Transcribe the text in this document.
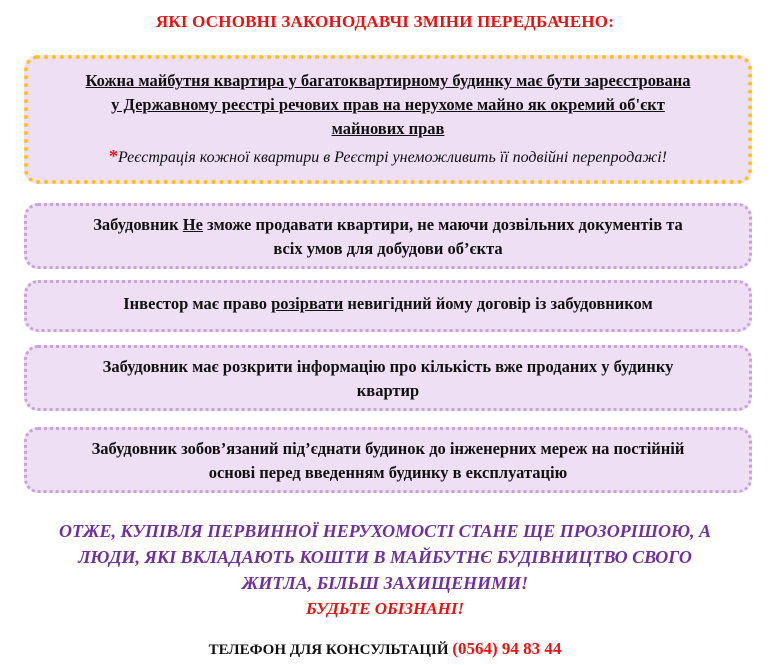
ЯКІ ОСНОВНІ ЗАКОНОДАВЧІ ЗМІНИ ПЕРЕДБАЧЕНО:
Кожна майбутня квартира у багатоквартирному будинку має бути зареєстрована
у Державному реєстрі речових прав на нерухоме майно як окремий об'єкт
майнових прав
*Реєстрація кожної квартири в Реєстрі унеможливить її подвійні перепродажі!
Забудовник Не зможе продавати квартири, не маючи дозвільних документів та
всіх умов для добудови об’єкта
Інвестор має право розірвати невигідний йому договір із забудовником
Забудовник має розкрити інформацію про кількість вже проданих у будинку
квартир
Забудовник зобов’язаний під’єднати будинок до інженерних мереж на постійній
основі перед введенням будинку в експлуатацію
ОТЖЕ, КУПІВЛЯ ПЕРВИННОЇ НЕРУХОМОСТІ СТАНЕ ЩЕ ПРОЗОРІШОЮ, А
ЛЮДИ, ЯКІ ВКЛАДАЮТЬ КОШТИ В МАЙБУТНЄ БУДІВНИЦТВО СВОГО
ЖИТЛА, БІЛЬШ ЗАХИЩЕНИМИ!
БУДЬТЕ ОБІЗНАНІ!
ТЕЛЕФОН ДЛЯ КОНСУЛЬТАЦІЙ (0564) 94 83 44
